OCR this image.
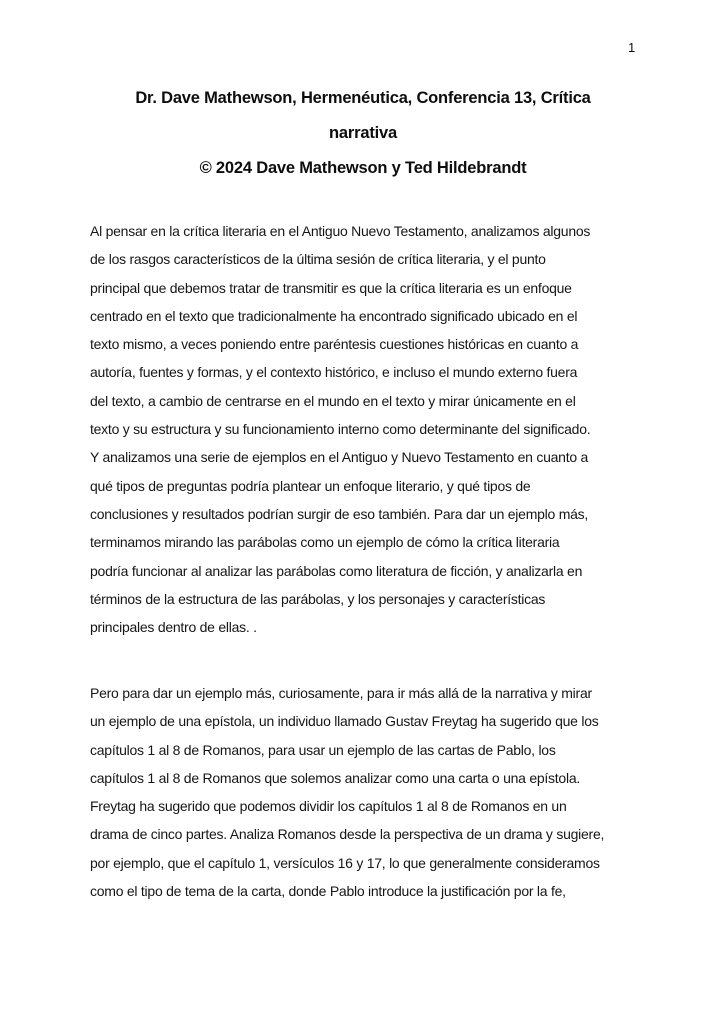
1
Dr. Dave Mathewson, Hermenéutica, Conferencia 13, Crítica
narrativa
© 2024 Dave Mathewson y Ted Hildebrandt
Al pensar en la crítica literaria en el Antiguo Nuevo Testamento, analizamos algunos
de los rasgos característicos de la última sesión de crítica literaria, y el punto
principal que debemos tratar de transmitir es que la crítica literaria es un enfoque
centrado en el texto que tradicionalmente ha encontrado significado ubicado en el
texto mismo, a veces poniendo entre paréntesis cuestiones históricas en cuanto a
autoría, fuentes y formas, y el contexto histórico, e incluso el mundo externo fuera
del texto, a cambio de centrarse en el mundo en el texto y mirar únicamente en el
texto y su estructura y su funcionamiento interno como determinante del significado.
Y analizamos una serie de ejemplos en el Antiguo y Nuevo Testamento en cuanto a
qué tipos de preguntas podría plantear un enfoque literario, y qué tipos de
conclusiones y resultados podrían surgir de eso también. Para dar un ejemplo más,
terminamos mirando las parábolas como un ejemplo de cómo la crítica literaria
podría funcionar al analizar las parábolas como literatura de ficción, y analizarla en
términos de la estructura de las parábolas, y los personajes y características
principales dentro de ellas. .
Pero para dar un ejemplo más, curiosamente, para ir más allá de la narrativa y mirar
un ejemplo de una epístola, un individuo llamado Gustav Freytag ha sugerido que los
capítulos 1 al 8 de Romanos, para usar un ejemplo de las cartas de Pablo, los
capítulos 1 al 8 de Romanos que solemos analizar como una carta o una epístola.
Freytag ha sugerido que podemos dividir los capítulos 1 al 8 de Romanos en un
drama de cinco partes. Analiza Romanos desde la perspectiva de un drama y sugiere,
por ejemplo, que el capítulo 1, versículos 16 y 17, lo que generalmente consideramos
como el tipo de tema de la carta, donde Pablo introduce la justificación por la fe,
